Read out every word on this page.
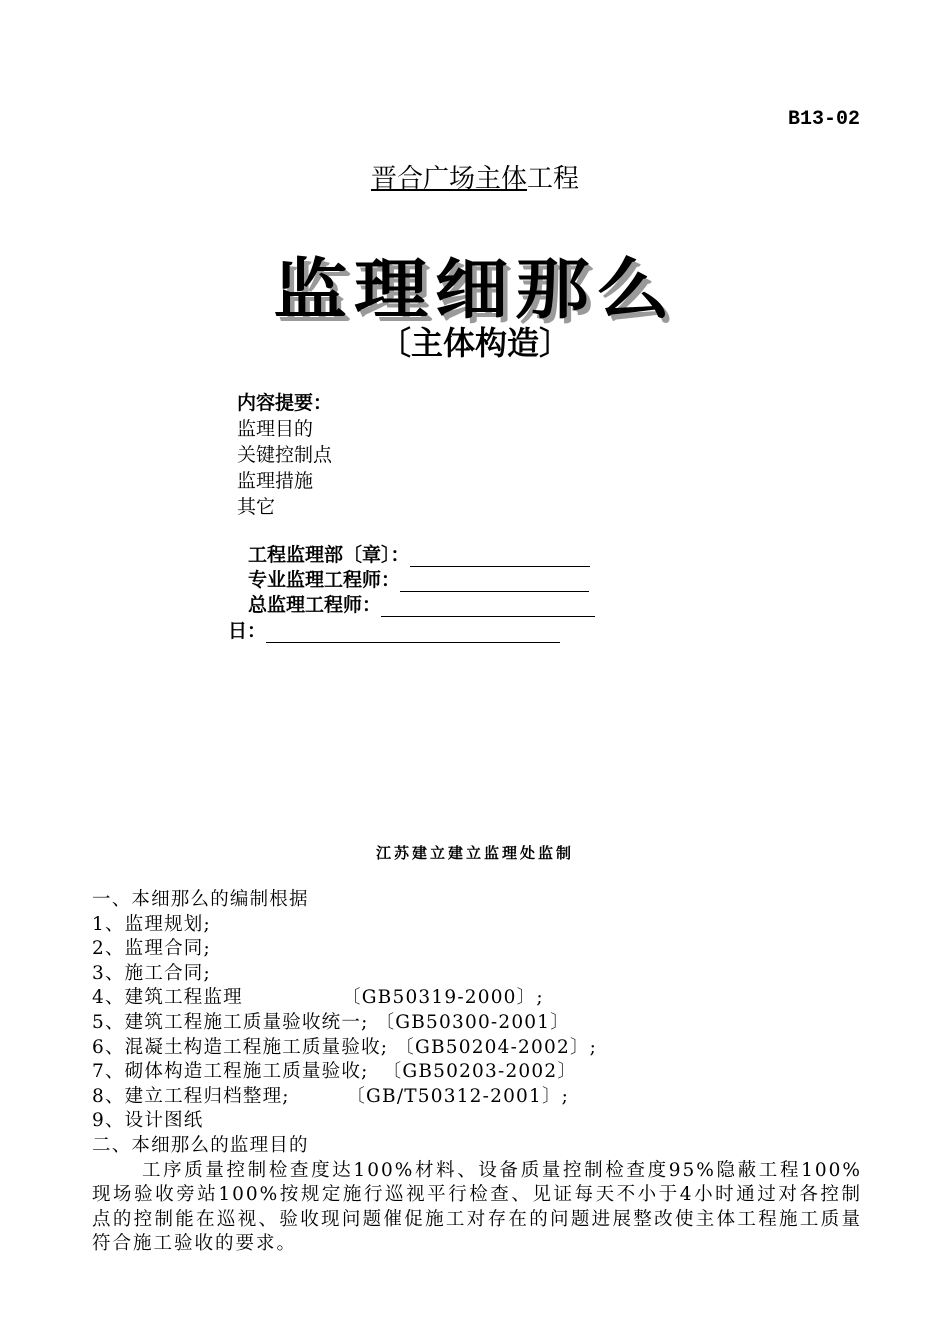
B13-02
晋合广场主体工程
监理细那么
〔主体构造〕
内容提要：
监理目的
关键控制点
监理措施
其它
工程监理部〔章〕：
专业监理工程师：
总监理工程师：
日：
江苏建立建立监理处监制
一、本细那么的编制根据
1、监理规划;
2、监理合同;
3、施工合同;
4、建筑工程监理              〔GB50319-2000〕;
5、建筑工程施工质量验收统一; 〔GB50300-2001〕
6、混凝土构造工程施工质量验收; 〔GB50204-2002〕;
7、砌体构造工程施工质量验收;  〔GB50203-2002〕
8、建立工程归档整理;        〔GB/T50312-2001〕;
9、设计图纸
二、本细那么的监理目的
工序质量控制检查度达100%材料、设备质量控制检查度95%隐蔽工程100%现场验收旁站100%按规定施行巡视平行检查、见证每天不小于4小时通过对各控制点的控制能在巡视、验收现问题催促施工对存在的问题进展整改使主体工程施工质量符合施工验收的要求。
